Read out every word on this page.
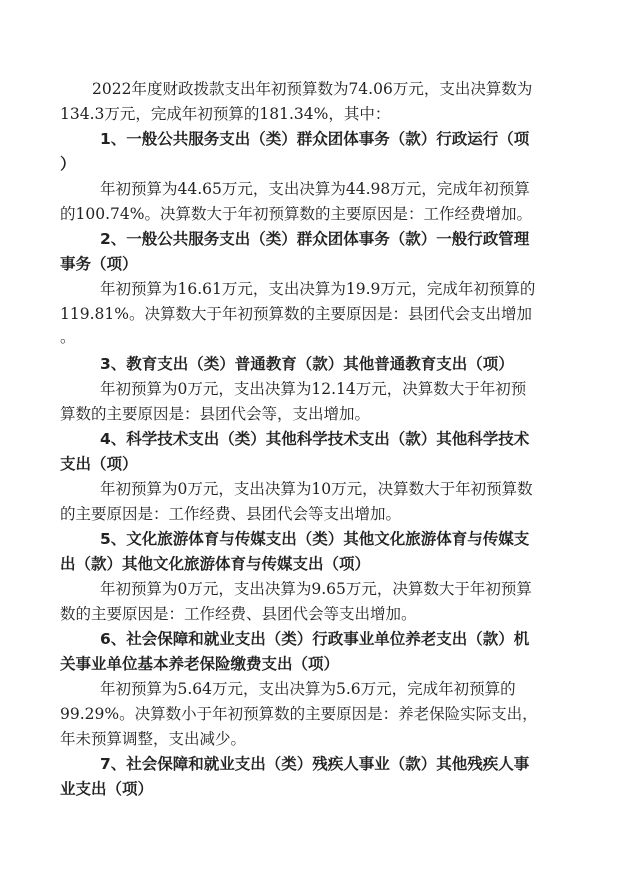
2022年度财政拨款支出年初预算数为74.06万元，支出决算数为
134.3万元，完成年初预算的181.34%，其中：
1、一般公共服务支出（类）群众团体事务（款）行政运行（项
）
年初预算为44.65万元，支出决算为44.98万元，完成年初预算
的100.74%。决算数大于年初预算数的主要原因是：工作经费增加。
2、一般公共服务支出（类）群众团体事务（款）一般行政管理
事务（项）
年初预算为16.61万元，支出决算为19.9万元，完成年初预算的
119.81%。决算数大于年初预算数的主要原因是：县团代会支出增加
。
3、教育支出（类）普通教育（款）其他普通教育支出（项）
年初预算为0万元，支出决算为12.14万元，决算数大于年初预
算数的主要原因是：县团代会等，支出增加。
4、科学技术支出（类）其他科学技术支出（款）其他科学技术
支出（项）
年初预算为0万元，支出决算为10万元，决算数大于年初预算数
的主要原因是：工作经费、县团代会等支出增加。
5、文化旅游体育与传媒支出（类）其他文化旅游体育与传媒支
出（款）其他文化旅游体育与传媒支出（项）
年初预算为0万元，支出决算为9.65万元，决算数大于年初预算
数的主要原因是：工作经费、县团代会等支出增加。
6、社会保障和就业支出（类）行政事业单位养老支出（款）机
关事业单位基本养老保险缴费支出（项）
年初预算为5.64万元，支出决算为5.6万元，完成年初预算的
99.29%。决算数小于年初预算数的主要原因是：养老保险实际支出，
年未预算调整，支出减少。
7、社会保障和就业支出（类）残疾人事业（款）其他残疾人事
业支出（项）
